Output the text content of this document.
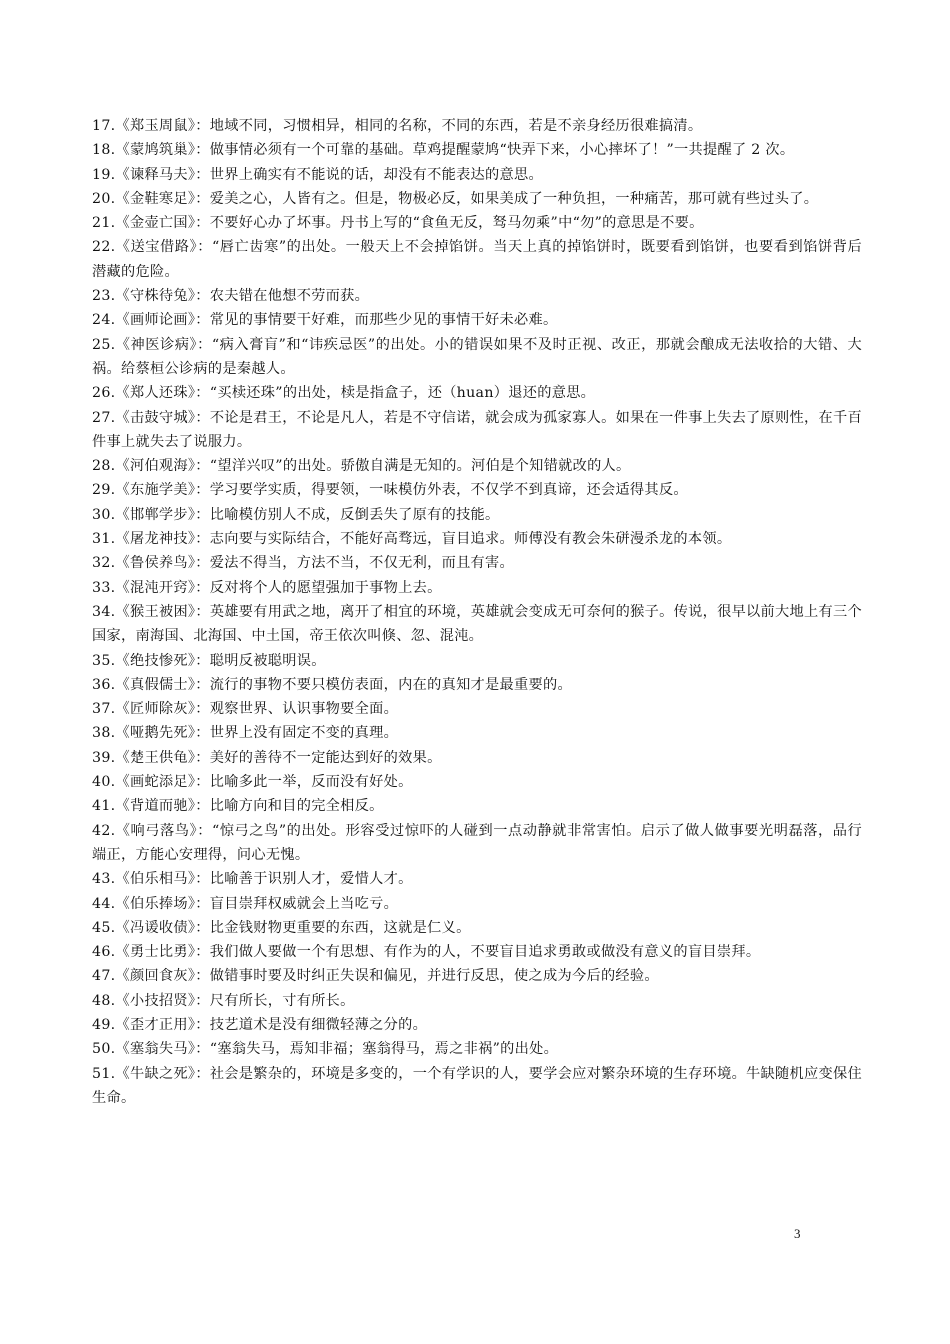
17.《郑玉周鼠》：地域不同，习惯相异，相同的名称，不同的东西，若是不亲身经历很难搞清。

18.《蒙鸠筑巢》：做事情必须有一个可靠的基础。草鸡提醒蒙鸠“快弄下来，小心摔坏了！”一共提醒了 2 次。

19.《谏释马夫》：世界上确实有不能说的话，却没有不能表达的意思。

20.《金鞋寒足》：爱美之心，人皆有之。但是，物极必反，如果美成了一种负担，一种痛苦，那可就有些过头了。

21.《金壶亡国》：不要好心办了坏事。丹书上写的“食鱼无反，驽马勿乘”中“勿”的意思是不要。

22.《送宝借路》：“唇亡齿寒”的出处。一般天上不会掉馅饼。当天上真的掉馅饼时，既要看到馅饼，也要看到馅饼背后潜藏的危险。

23.《守株待兔》：农夫错在他想不劳而获。

24.《画师论画》：常见的事情要干好难，而那些少见的事情干好未必难。

25.《神医诊病》：“病入膏肓”和“讳疾忌医”的出处。小的错误如果不及时正视、改正，那就会酿成无法收拾的大错、大祸。给蔡桓公诊病的是秦越人。

26.《郑人还珠》：“买椟还珠”的出处，椟是指盒子，还（huan）退还的意思。

27.《击鼓守城》：不论是君王，不论是凡人，若是不守信诺，就会成为孤家寡人。如果在一件事上失去了原则性，在千百件事上就失去了说服力。

28.《河伯观海》：“望洋兴叹”的出处。骄傲自满是无知的。河伯是个知错就改的人。

29.《东施学美》：学习要学实质，得要领，一味模仿外表，不仅学不到真谛，还会适得其反。

30.《邯郸学步》：比喻模仿别人不成，反倒丢失了原有的技能。

31.《屠龙神技》：志向要与实际结合，不能好高骛远，盲目追求。师傅没有教会朱硑漫杀龙的本领。

32.《鲁侯养鸟》：爱法不得当，方法不当，不仅无利，而且有害。

33.《混沌开窍》：反对将个人的愿望强加于事物上去。

34.《猴王被困》：英雄要有用武之地，离开了相宜的环境，英雄就会变成无可奈何的猴子。传说，很早以前大地上有三个国家，南海国、北海国、中土国，帝王依次叫倏、忽、混沌。

35.《绝技惨死》：聪明反被聪明误。

36.《真假儒士》：流行的事物不要只模仿表面，内在的真知才是最重要的。

37.《匠师除灰》：观察世界、认识事物要全面。

38.《哑鹅先死》：世界上没有固定不变的真理。

39.《楚王供龟》：美好的善待不一定能达到好的效果。

40.《画蛇添足》：比喻多此一举，反而没有好处。

41.《背道而驰》：比喻方向和目的完全相反。

42.《响弓落鸟》：“惊弓之鸟”的出处。形容受过惊吓的人碰到一点动静就非常害怕。启示了做人做事要光明磊落，品行端正，方能心安理得，问心无愧。

43.《伯乐相马》：比喻善于识别人才，爱惜人才。

44.《伯乐捧场》：盲目崇拜权威就会上当吃亏。

45.《冯谖收债》：比金钱财物更重要的东西，这就是仁义。

46.《勇士比勇》：我们做人要做一个有思想、有作为的人，不要盲目追求勇敢或做没有意义的盲目崇拜。

47.《颜回食灰》：做错事时要及时纠正失误和偏见，并进行反思，使之成为今后的经验。

48.《小技招贤》：尺有所长，寸有所长。

49.《歪才正用》：技艺道术是没有细微轻薄之分的。

50.《塞翁失马》：“塞翁失马，焉知非福；塞翁得马，焉之非祸”的出处。

51.《牛缺之死》：社会是繁杂的，环境是多变的，一个有学识的人，要学会应对繁杂环境的生存环境。牛缺随机应变保住生命。

3
